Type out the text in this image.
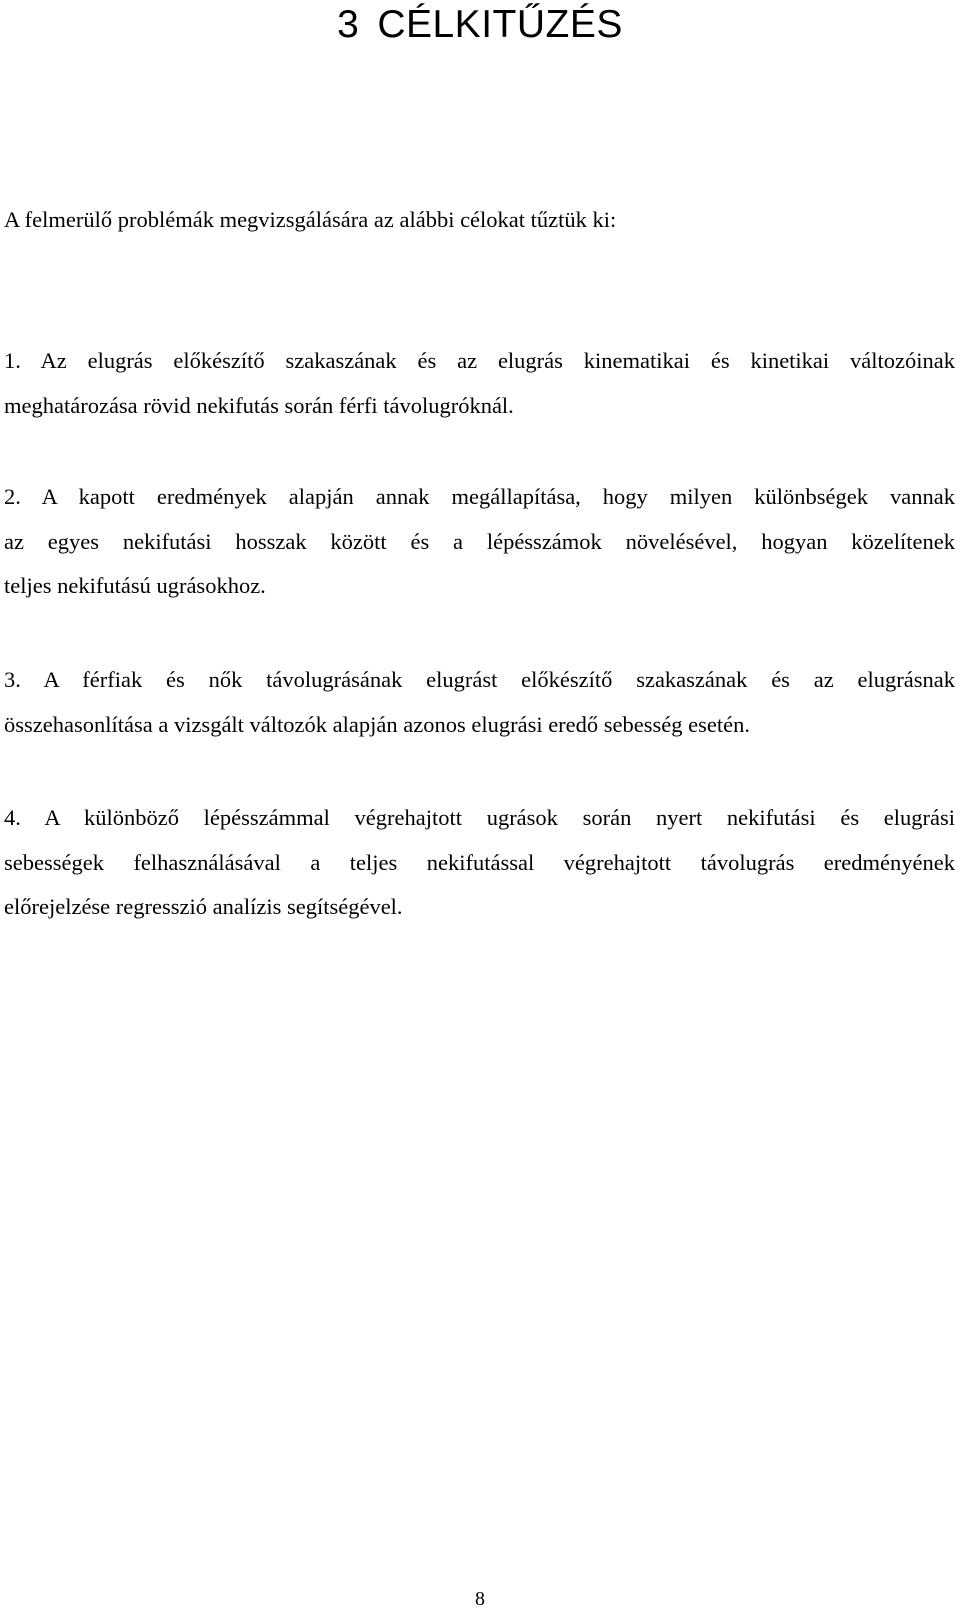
3 CÉLKITŰZÉS

A felmerülő problémák megvizsgálására az alábbi célokat tűztük ki:

1. Az elugrás előkészítő szakaszának és az elugrás kinematikai és kinetikai változóinak
meghatározása rövid nekifutás során férfi távolugróknál.
2. A kapott eredmények alapján annak megállapítása, hogy milyen különbségek vannak
az egyes nekifutási hosszak között és a lépésszámok növelésével, hogyan közelítenek
teljes nekifutású ugrásokhoz.
3. A férfiak és nők távolugrásának elugrást előkészítő szakaszának és az elugrásnak
összehasonlítása a vizsgált változók alapján azonos elugrási eredő sebesség esetén.
4. A különböző lépésszámmal végrehajtott ugrások során nyert nekifutási és elugrási
sebességek felhasználásával a teljes nekifutással végrehajtott távolugrás eredményének
előrejelzése regresszió analízis segítségével.
8
